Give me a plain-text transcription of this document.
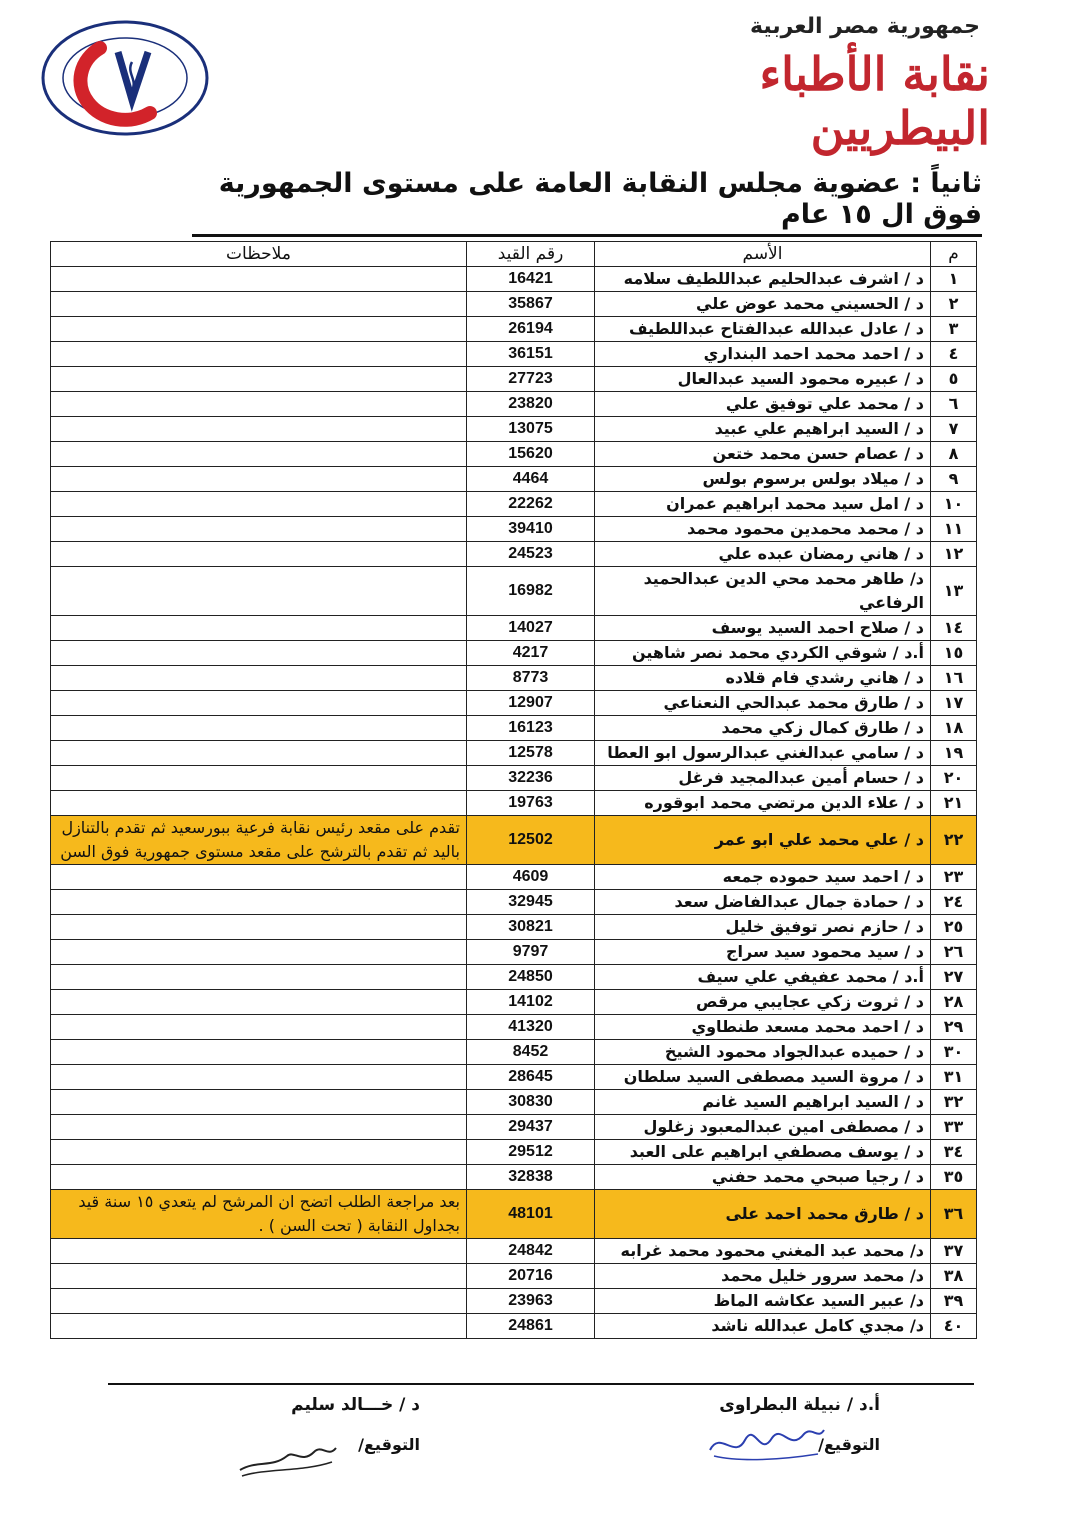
جمهورية مصر العربية
نقابة الأطباء البيطريين
ثانياً : عضوية مجلس النقابة العامة على مستوى الجمهورية فوق ال ١٥ عام
م	الأسم	رقم القيد	ملاحظات
١	د / اشرف عبدالحليم عبداللطيف سلامه	16421	
٢	د / الحسيني محمد عوض علي	35867	
٣	د / عادل عبدالله عبدالفتاح عبداللطيف	26194	
٤	د / احمد محمد احمد البنداري	36151	
٥	د / عبيره محمود السيد عبدالعال	27723	
٦	د / محمد علي توفيق علي	23820	
٧	د / السيد ابراهيم علي عبيد	13075	
٨	د / عصام حسن محمد ختعن	15620	
٩	د / ميلاد بولس برسوم بولس	4464	
١٠	د / امل سيد محمد ابراهيم عمران	22262	
١١	د / محمد محمدين محمود محمد	39410	
١٢	د / هاني رمضان عبده علي	24523	
١٣	د/ طاهر محمد محي الدين عبدالحميد الرفاعي	16982	
١٤	د / صلاح احمد السيد يوسف	14027	
١٥	أ.د / شوقي الكردي محمد نصر شاهين	4217	
١٦	د / هاني رشدي فام قلاده	8773	
١٧	د / طارق محمد عبدالحي النعناعي	12907	
١٨	د / طارق كمال زكي محمد	16123	
١٩	د / سامي عبدالغني عبدالرسول ابو العطا	12578	
٢٠	د / حسام أمين عبدالمجيد فرغل	32236	
٢١	د / علاء الدين مرتضي محمد ابوقوره	19763	
٢٢	د / علي محمد علي ابو عمر	12502	تقدم على مقعد رئيس نقابة فرعية ببورسعيد ثم تقدم بالتنازل باليد ثم تقدم بالترشح على مقعد مستوى جمهورية فوق السن
٢٣	د / احمد سيد حموده جمعه	4609	
٢٤	د / حمادة جمال عبدالفاضل سعد	32945	
٢٥	د / حازم نصر توفيق خليل	30821	
٢٦	د / سيد محمود سيد سراج	9797	
٢٧	أ.د / محمد عفيفي علي سيف	24850	
٢٨	د / ثروت زكي عجايبي مرقص	14102	
٢٩	د / احمد محمد مسعد طنطاوي	41320	
٣٠	د / حميده عبدالجواد محمود الشيخ	8452	
٣١	د / مروة السيد مصطفى السيد سلطان	28645	
٣٢	د / السيد ابراهيم السيد غانم	30830	
٣٣	د / مصطفى امين عبدالمعبود زغلول	29437	
٣٤	د / يوسف مصطفي ابراهيم على العبد	29512	
٣٥	د / رجيا صبحي محمد حفني	32838	
٣٦	د / طارق محمد احمد على	48101	بعد مراجعة الطلب اتضح ان المرشح لم يتعدي ١٥ سنة قيد بجداول النقابة ( تحت السن ) .
٣٧	د/ محمد عبد المغني محمود محمد غرابه	24842	
٣٨	د/ محمد سرور خليل محمد	20716	
٣٩	د/ عبير السيد عكاشه الماظ	23963	
٤٠	د/ مجدي كامل عبدالله ناشد	24861	
أ.د / نبيلة البطراوى
التوقيع/
د / خـــالد سليم
التوقيع/
